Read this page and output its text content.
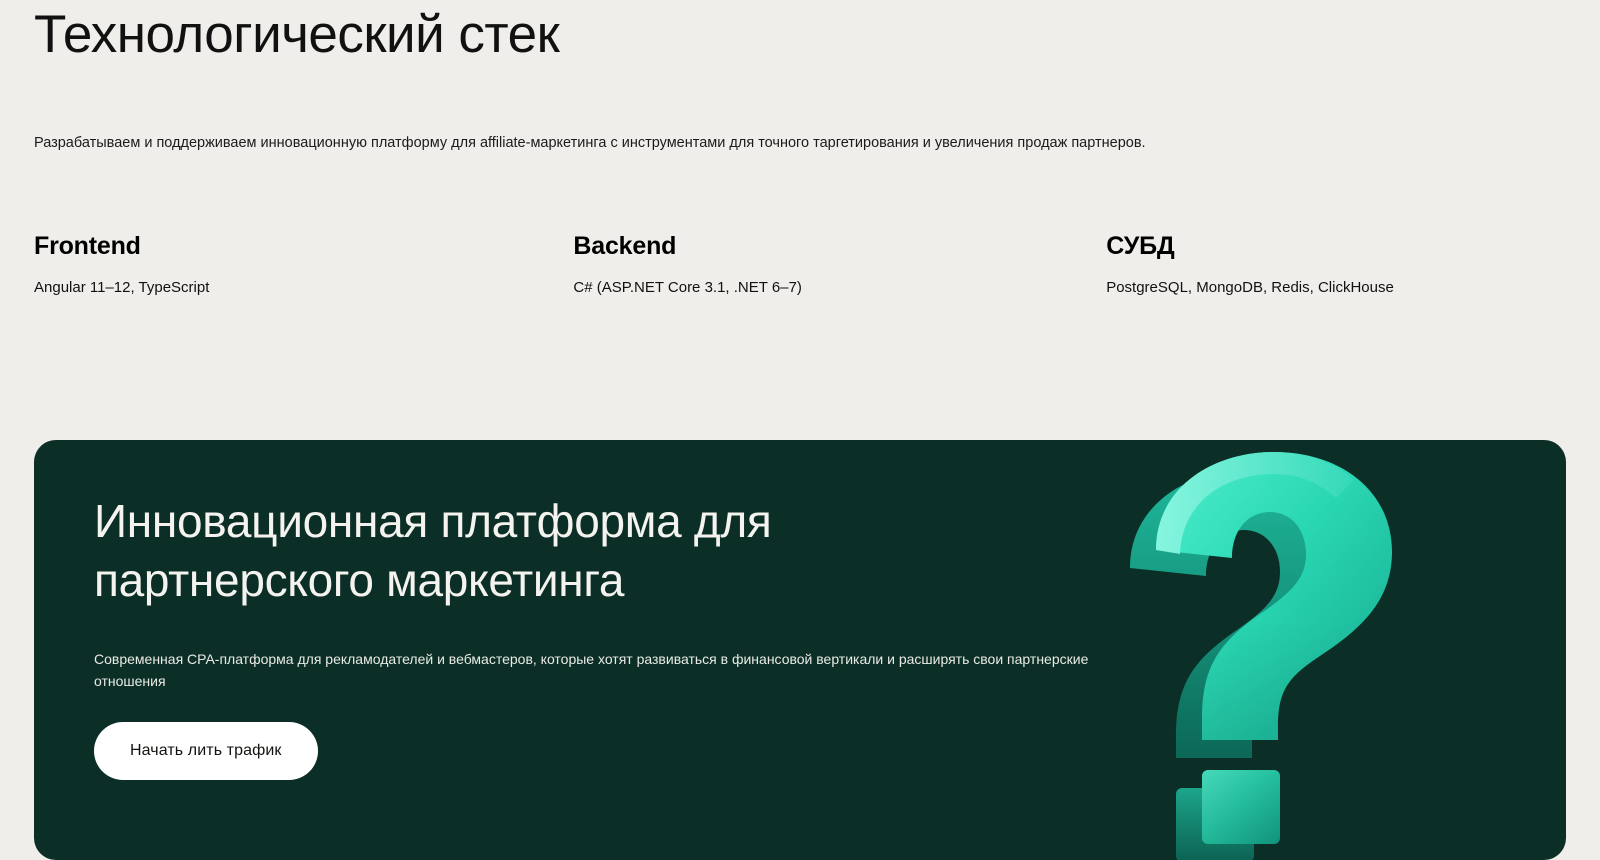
Технологический стек

Разрабатываем и поддерживаем инновационную платформу для affiliate-маркетинга с инструментами для точного таргетирования и увеличения продаж партнеров.

Frontend

Angular 11–12, TypeScript

Backend

C# (ASP.NET Core 3.1, .NET 6–7)

СУБД

PostgreSQL, MongoDB, Redis, ClickHouse

Инновационная платформа для партнерского маркетинга

Современная CPA-платформа для рекламодателей и вебмастеров, которые хотят развиваться в финансовой вертикали и расширять свои партнерские отношения

Начать лить трафик
